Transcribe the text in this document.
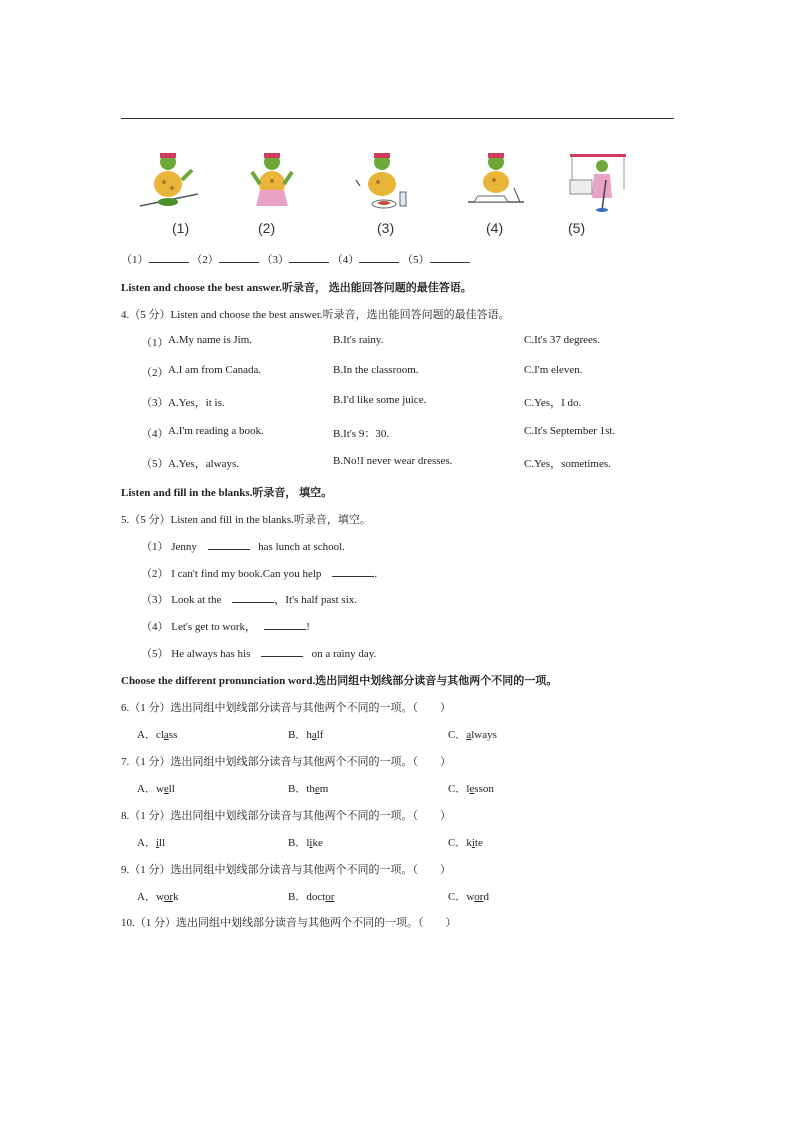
(1)	(2)	(3)	(4)	(5)
（1）	（2）	（3）	（4）	（5）
Listen and choose the best answer.听录音， 选出能回答问题的最佳答语。
4.（5 分）Listen and choose the best answer.听录音，选出能回答问题的最佳答语。
（1） A.My name is Jim.	B.It's rainy.	C.It's 37 degrees.
（2） A.I am from Canada.	B.In the classroom.	C.I'm eleven.
（3） A.Yes，it is.	B.I'd like some juice.	C.Yes，I do.
（4） A.I'm reading a book.	B.It's 9：30.	C.It's September 1st.
（5） A.Yes，always.	B.No!I never wear dresses.	C.Yes，sometimes.
Listen and fill in the blanks.听录音， 填空。
5.（5 分）Listen and fill in the blanks.听录音，填空。
（1） Jenny	has lunch at school.
（2） I can't find my book.Can you help	.
（3） Look at the	，It's half past six.
（4） Let's get to work，	!
（5） He always has his	on a rainy day.
Choose the different pronunciation word.选出同组中划线部分读音与其他两个不同的一项。
6.（1 分）选出同组中划线部分读音与其他两个不同的一项。（　　）
A．class	B．half	C．always
7.（1 分）选出同组中划线部分读音与其他两个不同的一项。（　　）
A．well	B．them	C．lesson
8.（1 分）选出同组中划线部分读音与其他两个不同的一项。（　　）
A．ill	B．like	C．kite
9.（1 分）选出同组中划线部分读音与其他两个不同的一项。（　　）
A．work	B．doctor	C．word
10.（1 分）选出同组中划线部分读音与其他两个不同的一项。（　　）
